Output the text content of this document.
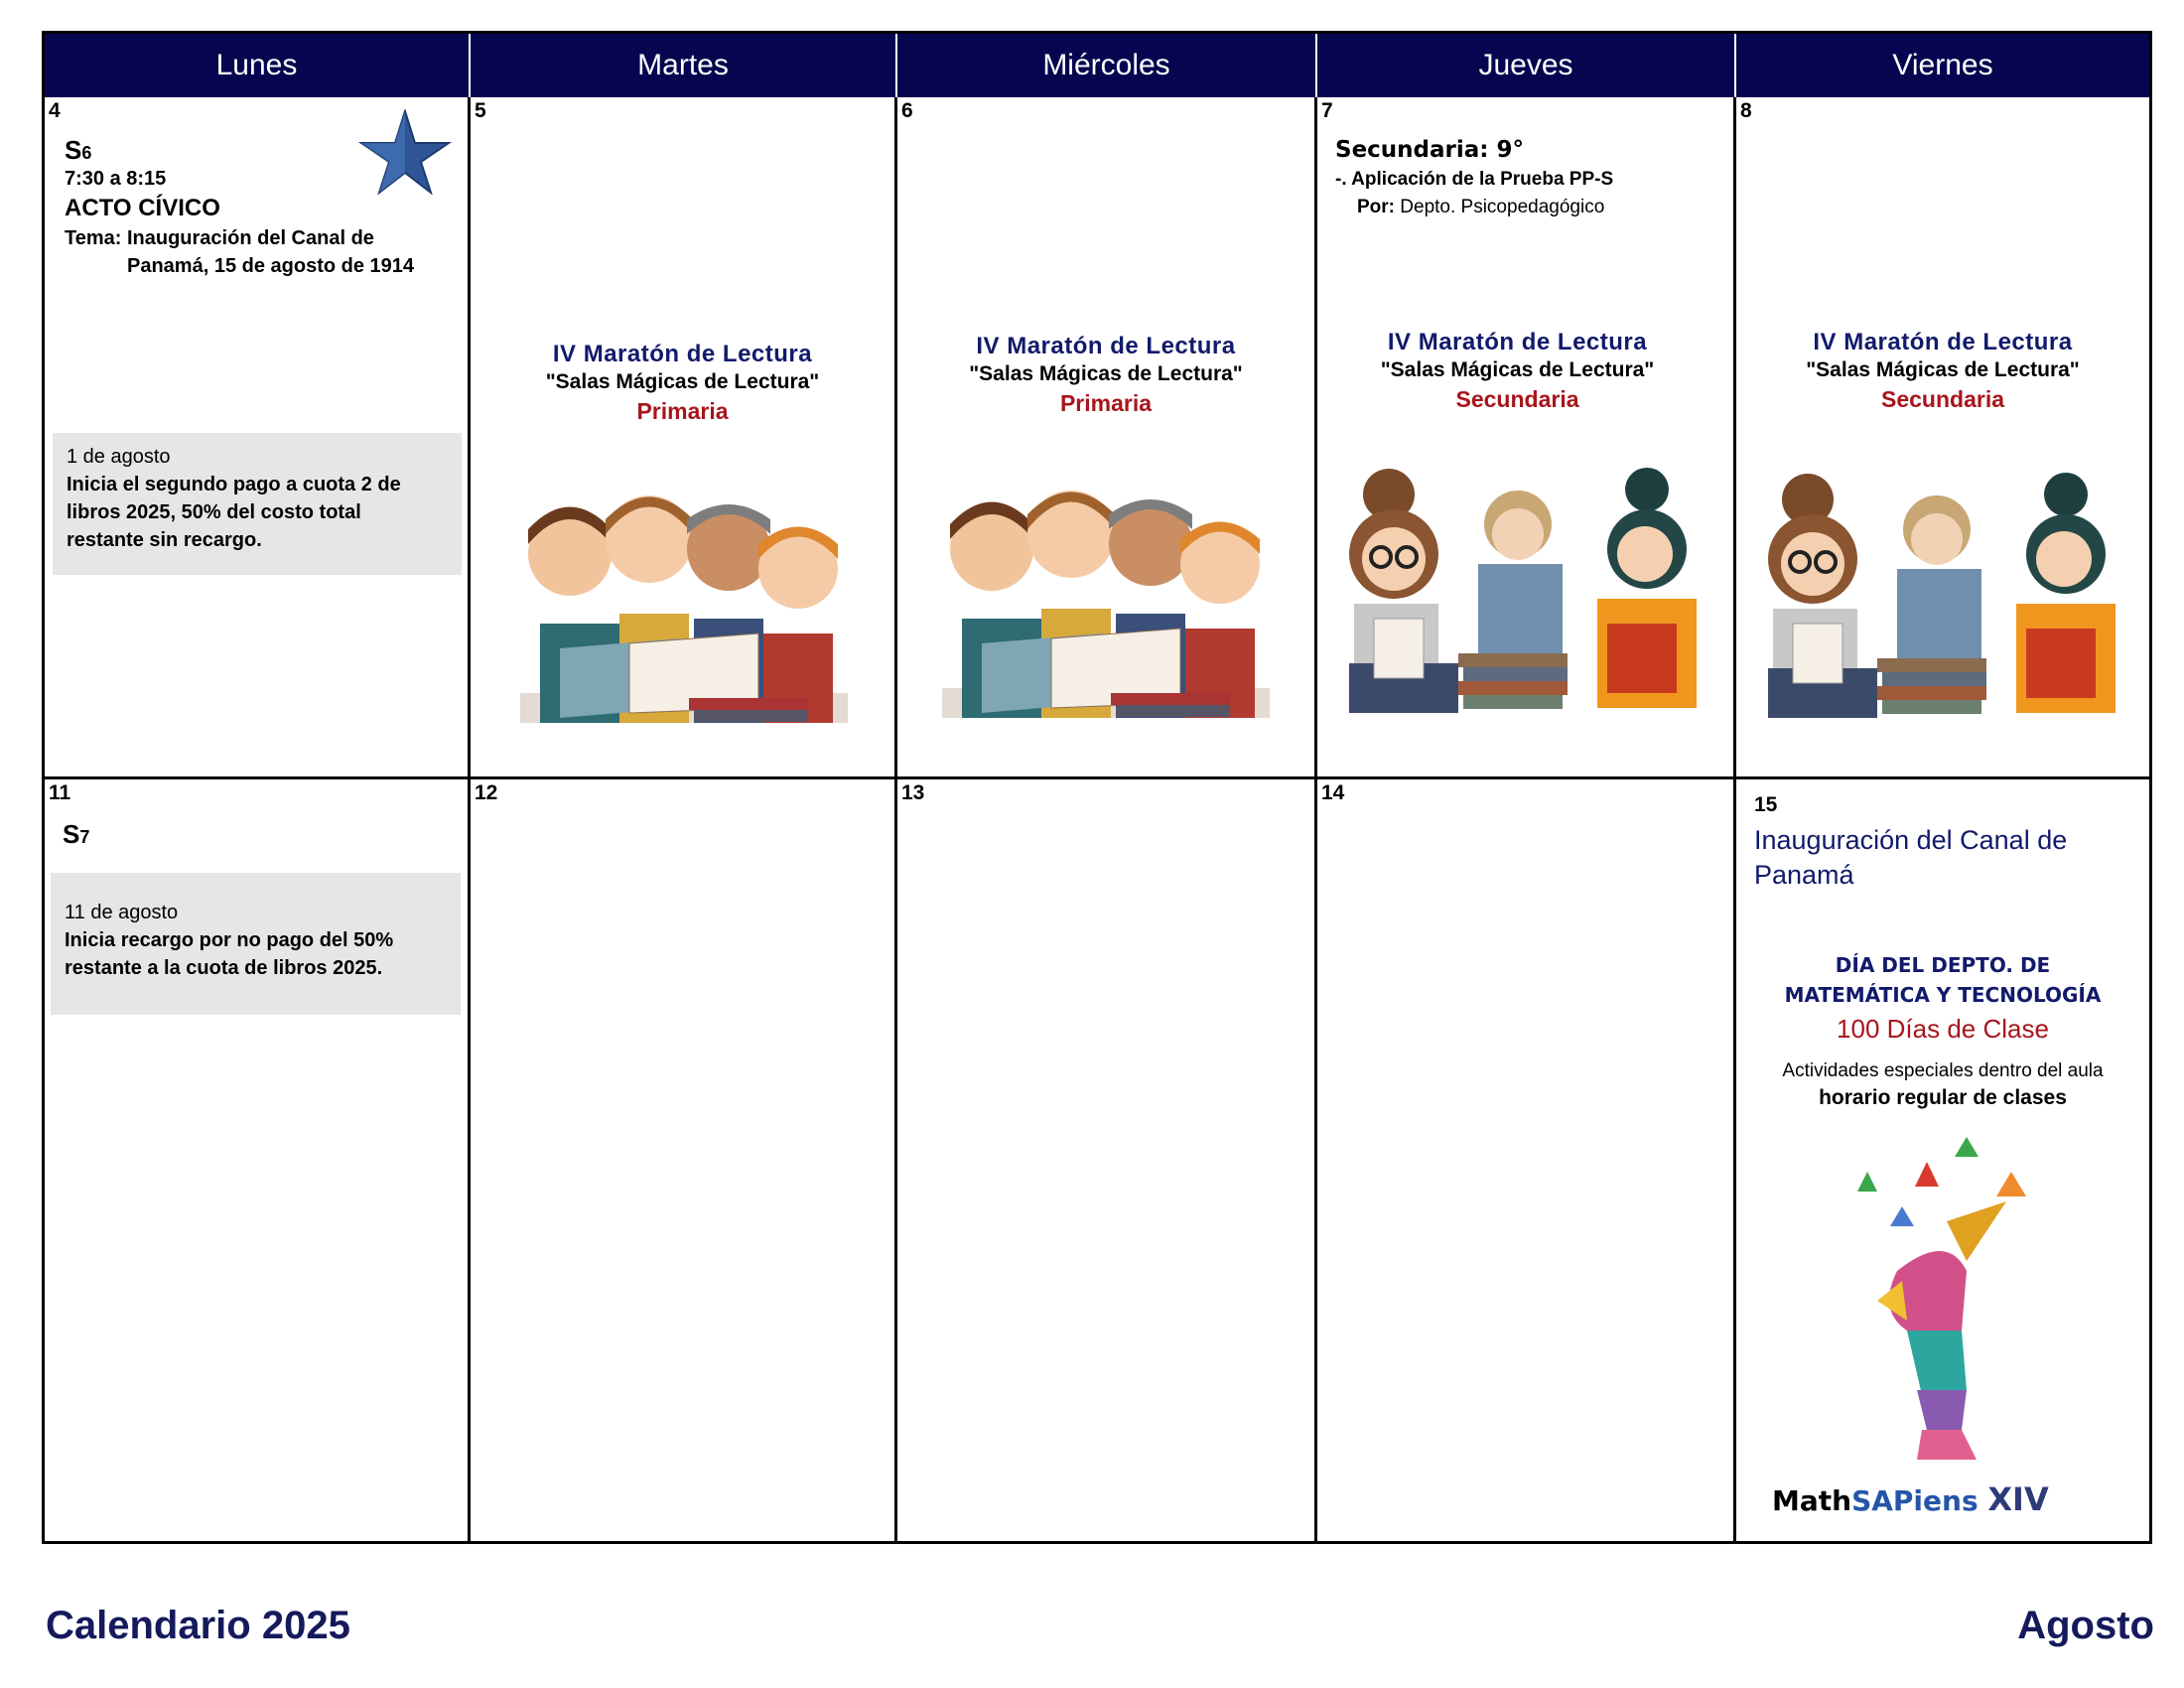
Lunes	Martes	Miércoles	Jueves	Viernes
4
S6
7:30 a 8:15
ACTO CÍVICO
Tema: Inauguración del Canal de
Panamá, 15 de agosto de 1914
1 de agosto
Inicia el segundo pago a cuota 2 de
libros 2025, 50% del costo total
restante sin recargo.
5
IV Maratón de Lectura
"Salas Mágicas de Lectura"
Primaria
6
IV Maratón de Lectura
"Salas Mágicas de Lectura"
Primaria
7
Secundaria: 9°
-. Aplicación de la Prueba PP-S
Por: Depto. Psicopedagógico
IV Maratón de Lectura
"Salas Mágicas de Lectura"
Secundaria
8
IV Maratón de Lectura
"Salas Mágicas de Lectura"
Secundaria
11
S7
11 de agosto
Inicia recargo por no pago del 50%
restante a la cuota de libros 2025.
12	13	14
15
Inauguración del Canal de
Panamá
DÍA DEL DEPTO. DE
MATEMÁTICA Y TECNOLOGÍA
100 Días de Clase
Actividades especiales dentro del aula
horario regular de clases
MathSAPiens XIV
Calendario 2025	Agosto
